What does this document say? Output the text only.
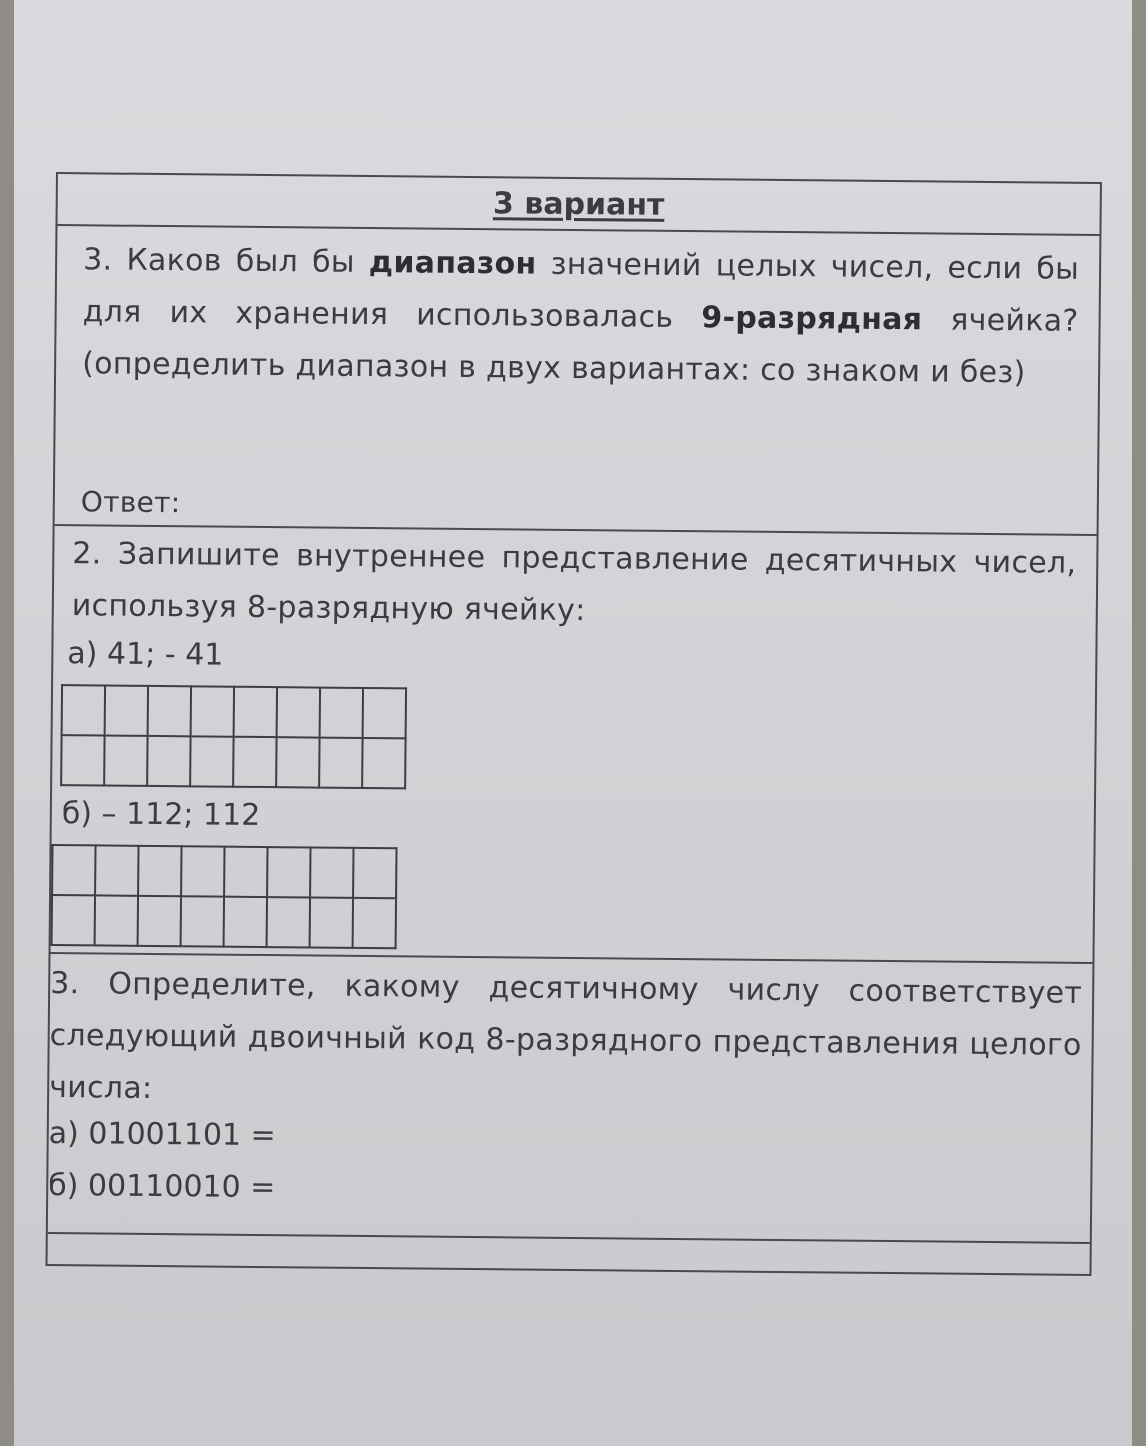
3 вариант
3. Каков был бы диапазон значений целых чисел, если бы для их хранения использовалась 9-разрядная ячейка? (определить диапазон в двух вариантах: со знаком и без)
Ответ:
2. Запишите внутреннее представление десятичных чисел, используя 8-разрядную ячейку:
а) 41; - 41

б) – 112; 112

3. Определите, какому десятичному числу соответствует следующий двоичный код 8-разрядного представления целого числа:
а) 01001101 =
б) 00110010 =
